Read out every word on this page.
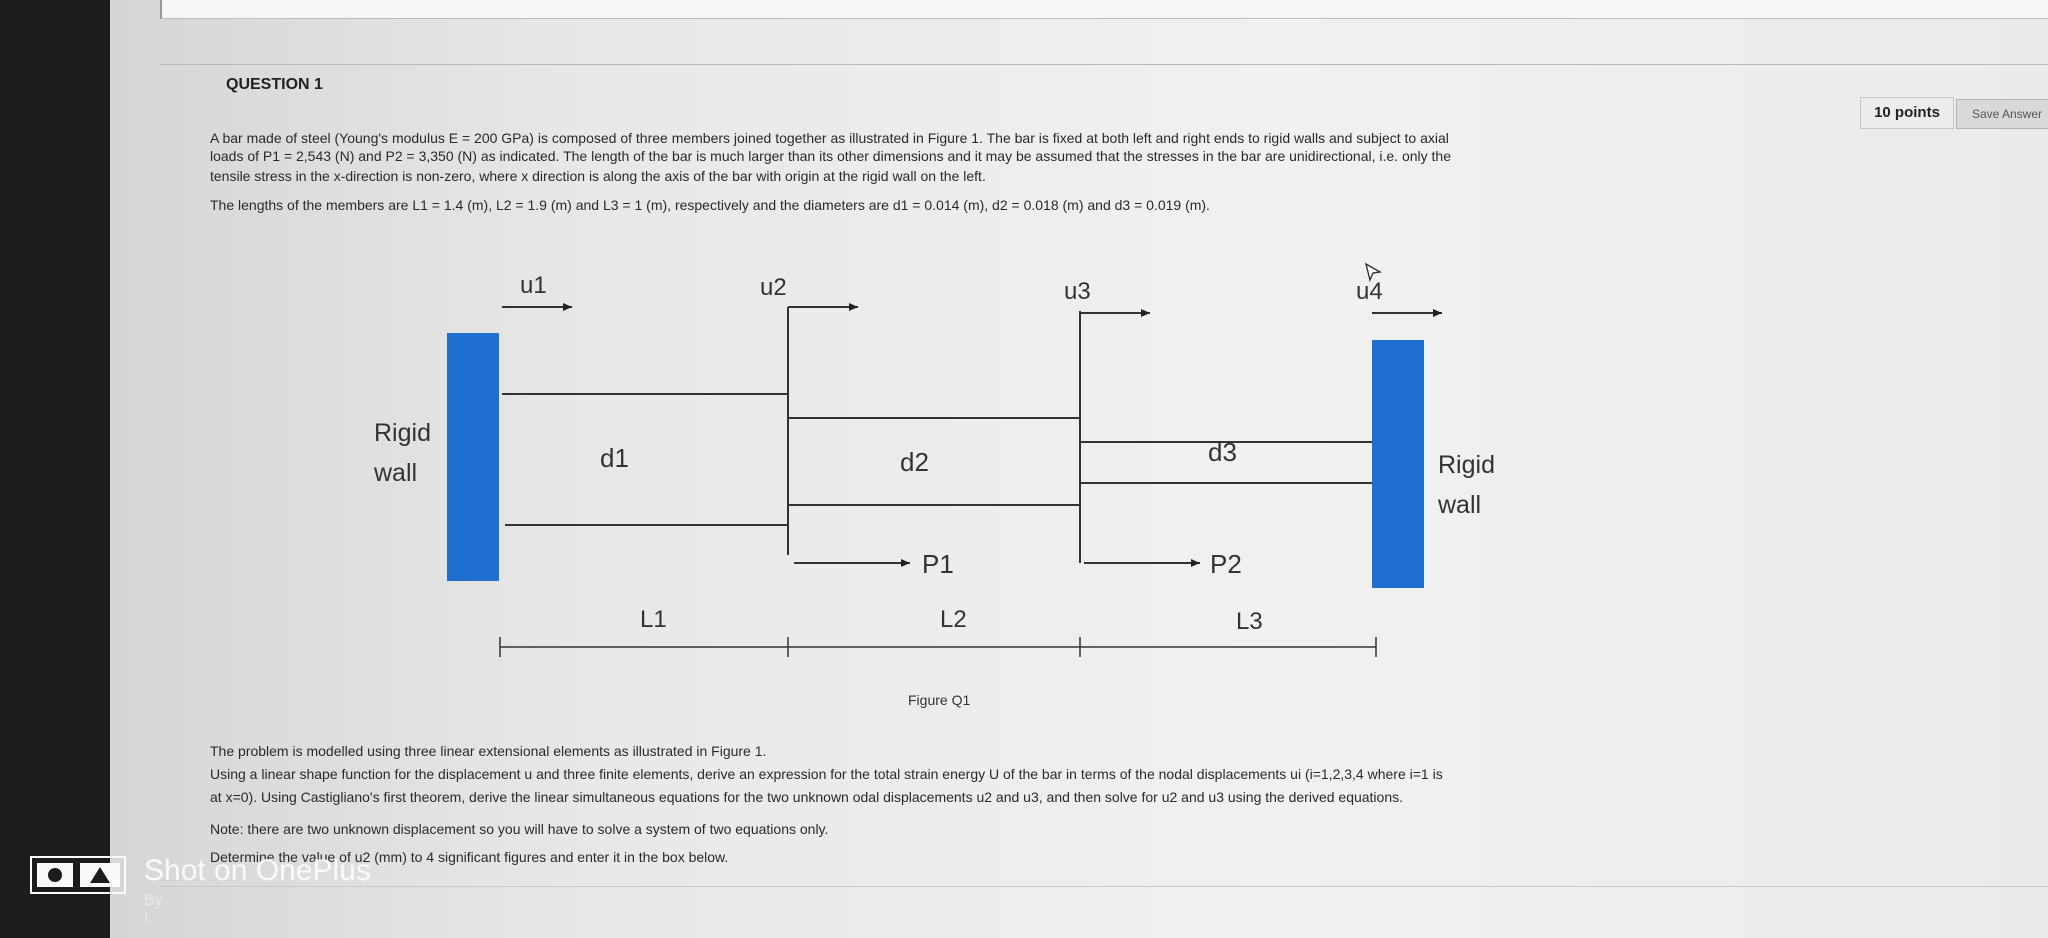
QUESTION 1
10 points	Save Answer
A bar made of steel (Young's modulus E = 200 GPa) is composed of three members joined together as illustrated in Figure 1. The bar is fixed at both left and right ends to rigid walls and subject to axial
loads of P1 = 2,543 (N) and P2 = 3,350 (N) as indicated. The length of the bar is much larger than its other dimensions and it may be assumed that the stresses in the bar are unidirectional, i.e. only the
tensile stress in the x-direction is non-zero, where x direction is along the axis of the bar with origin at the rigid wall on the left.
The lengths of the members are L1 = 1.4 (m), L2 = 1.9 (m) and L3 = 1 (m), respectively and the diameters are d1 = 0.014 (m), d2 = 0.018 (m) and d3 = 0.019 (m).
Rigid
wall	Rigid
wall
u1	u2	u3	u4
d1	d2	d3
P1	P2
L1	L2	L3
Figure Q1
The problem is modelled using three linear extensional elements as illustrated in Figure 1.
Using a linear shape function for the displacement u and three finite elements, derive an expression for the total strain energy U of the bar in terms of the nodal displacements ui (i=1,2,3,4 where i=1 is
at x=0). Using Castigliano's first theorem, derive the linear simultaneous equations for the two unknown odal displacements u2 and u3, and then solve for u2 and u3 using the derived equations.
Note: there are two unknown displacement so you will have to solve a system of two equations only.
Determine the value of u2 (mm) to 4 significant figures and enter it in the box below.
Shot on OnePlus
By I
